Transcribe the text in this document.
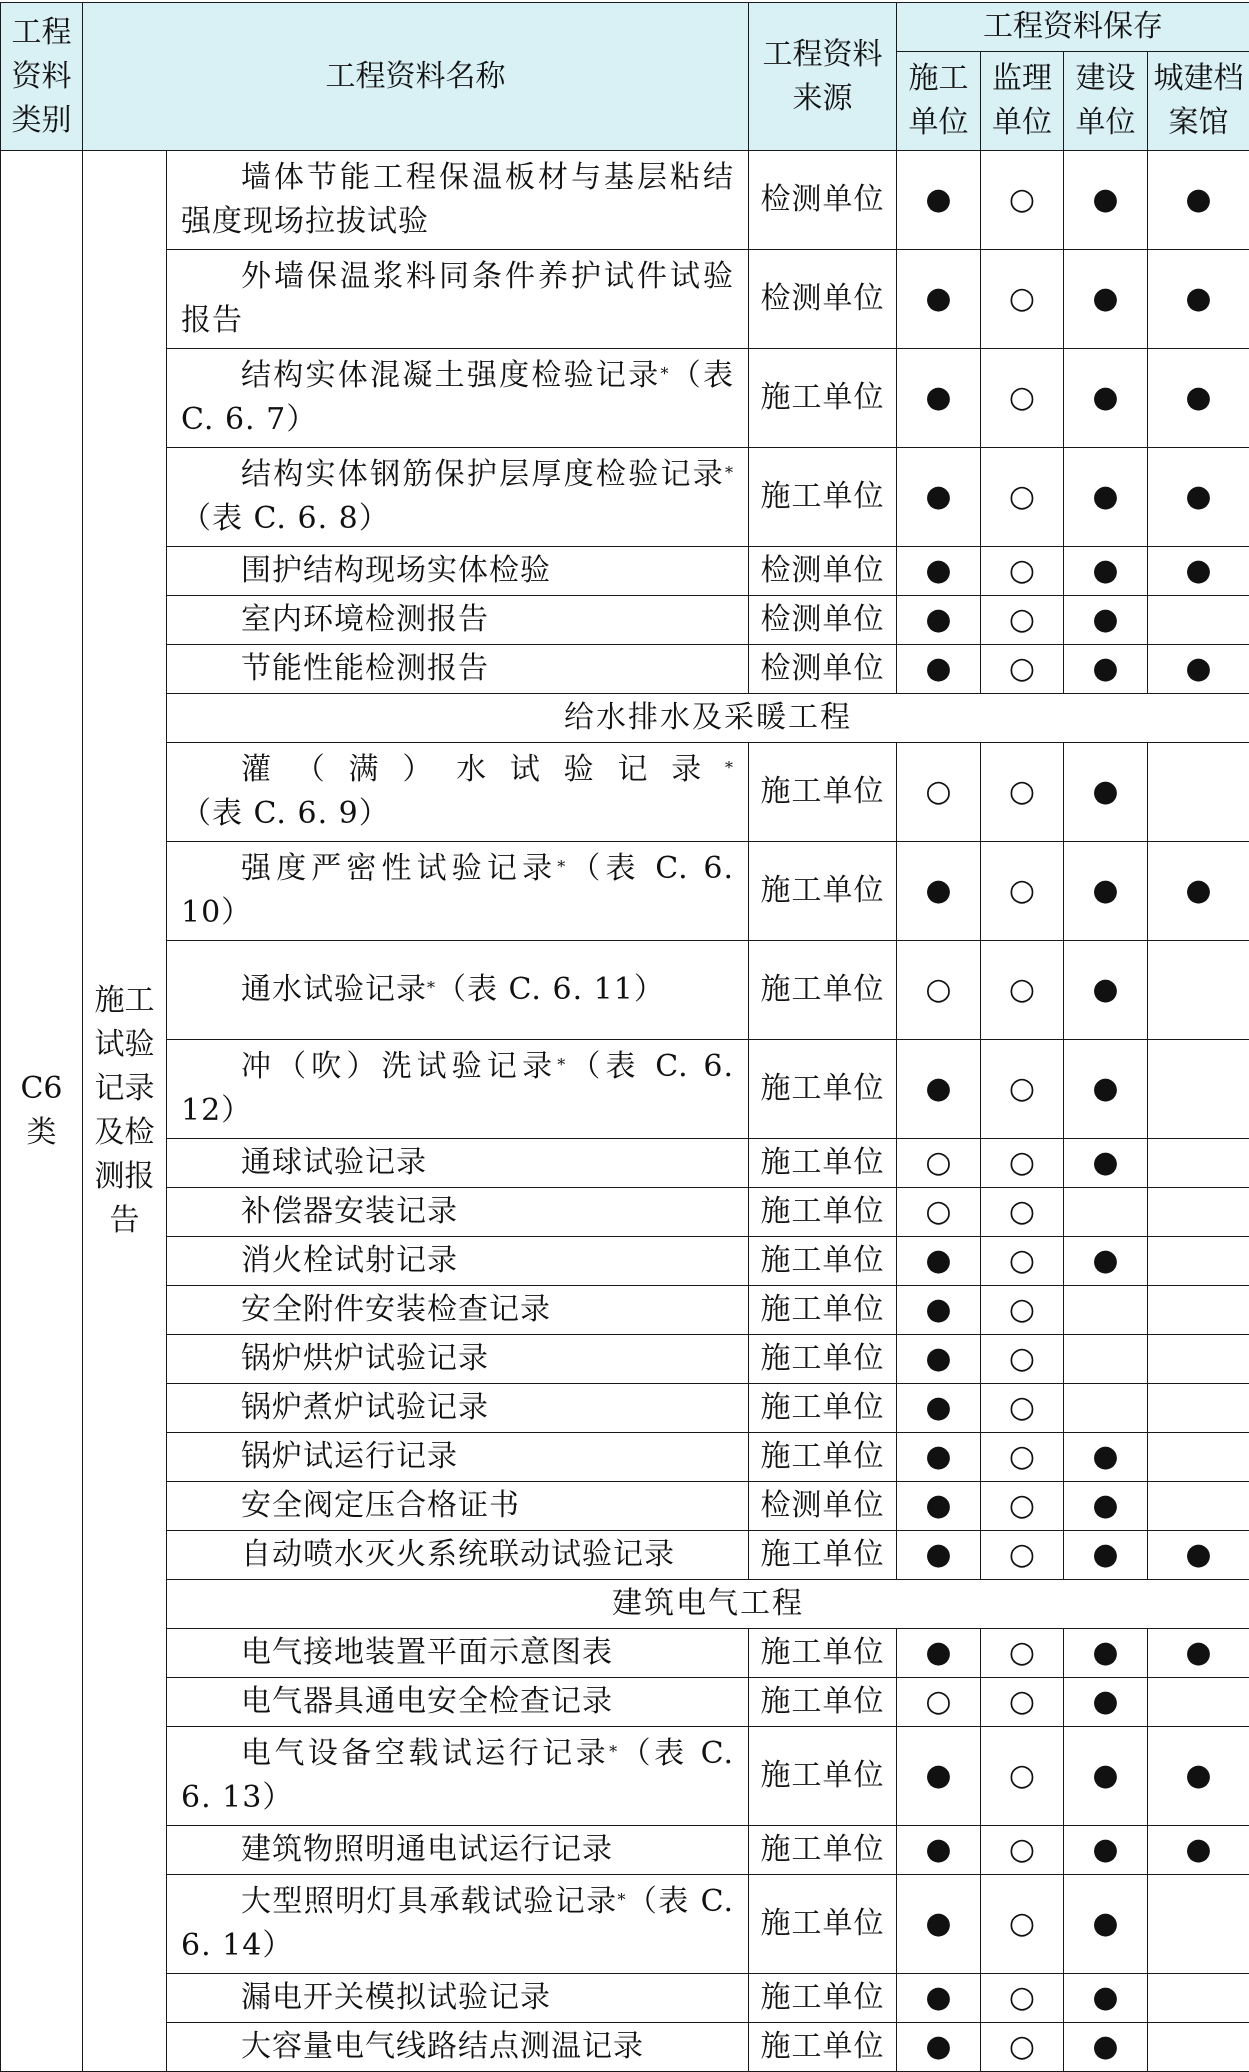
工程资料类别	工程资料名称		工程资料来源	工程资料保存			
				施工单位	监理单位	建设单位	城建档案馆
C6 类	施工试验记录及检测报告	墙体节能工程保温板材与基层粘结强度现场拉拔试验	检测单位	●	○	●	●

		外墙保温浆料同条件养护试件试验报告	检测单位	●	○	●	●

		结构实体混凝土强度检验记录*（表 C. 6. 7）	施工单位	●	○	●	●

		结构实体钢筋保护层厚度检验记录*（表 C. 6. 8）	施工单位	●	○	●	●

		围护结构现场实体检验	检测单位	●	○	●	●

		室内环境检测报告	检测单位	●	○	●	

		节能性能检测报告	检测单位	●	○	●	●
		给水排水及采暖工程					

		灌（满）水试验记录*（表 C. 6. 9）	施工单位	○	○	●	

		强度严密性试验记录*（表 C. 6. 10）	施工单位	●	○	●	●

		通水试验记录*（表 C. 6. 11）	施工单位	○	○	●	

		冲（吹）洗试验记录*（表 C. 6. 12）	施工单位	●	○	●	

		通球试验记录	施工单位	○	○	●	

		补偿器安装记录	施工单位	○	○		

		消火栓试射记录	施工单位	●	○	●	

		安全附件安装检查记录	施工单位	●	○		

		锅炉烘炉试验记录	施工单位	●	○		

		锅炉煮炉试验记录	施工单位	●	○		

		锅炉试运行记录	施工单位	●	○	●	

		安全阀定压合格证书	检测单位	●	○	●	

		自动喷水灭火系统联动试验记录	施工单位	●	○	●	●
		建筑电气工程					

		电气接地装置平面示意图表	施工单位	●	○	●	●

		电气器具通电安全检查记录	施工单位	○	○	●	

		电气设备空载试运行记录*（表 C. 6. 13）	施工单位	●	○	●	●

		建筑物照明通电试运行记录	施工单位	●	○	●	●

		大型照明灯具承载试验记录*（表 C. 6. 14）	施工单位	●	○	●	

		漏电开关模拟试验记录	施工单位	●	○	●	

		大容量电气线路结点测温记录	施工单位	●	○	●	
